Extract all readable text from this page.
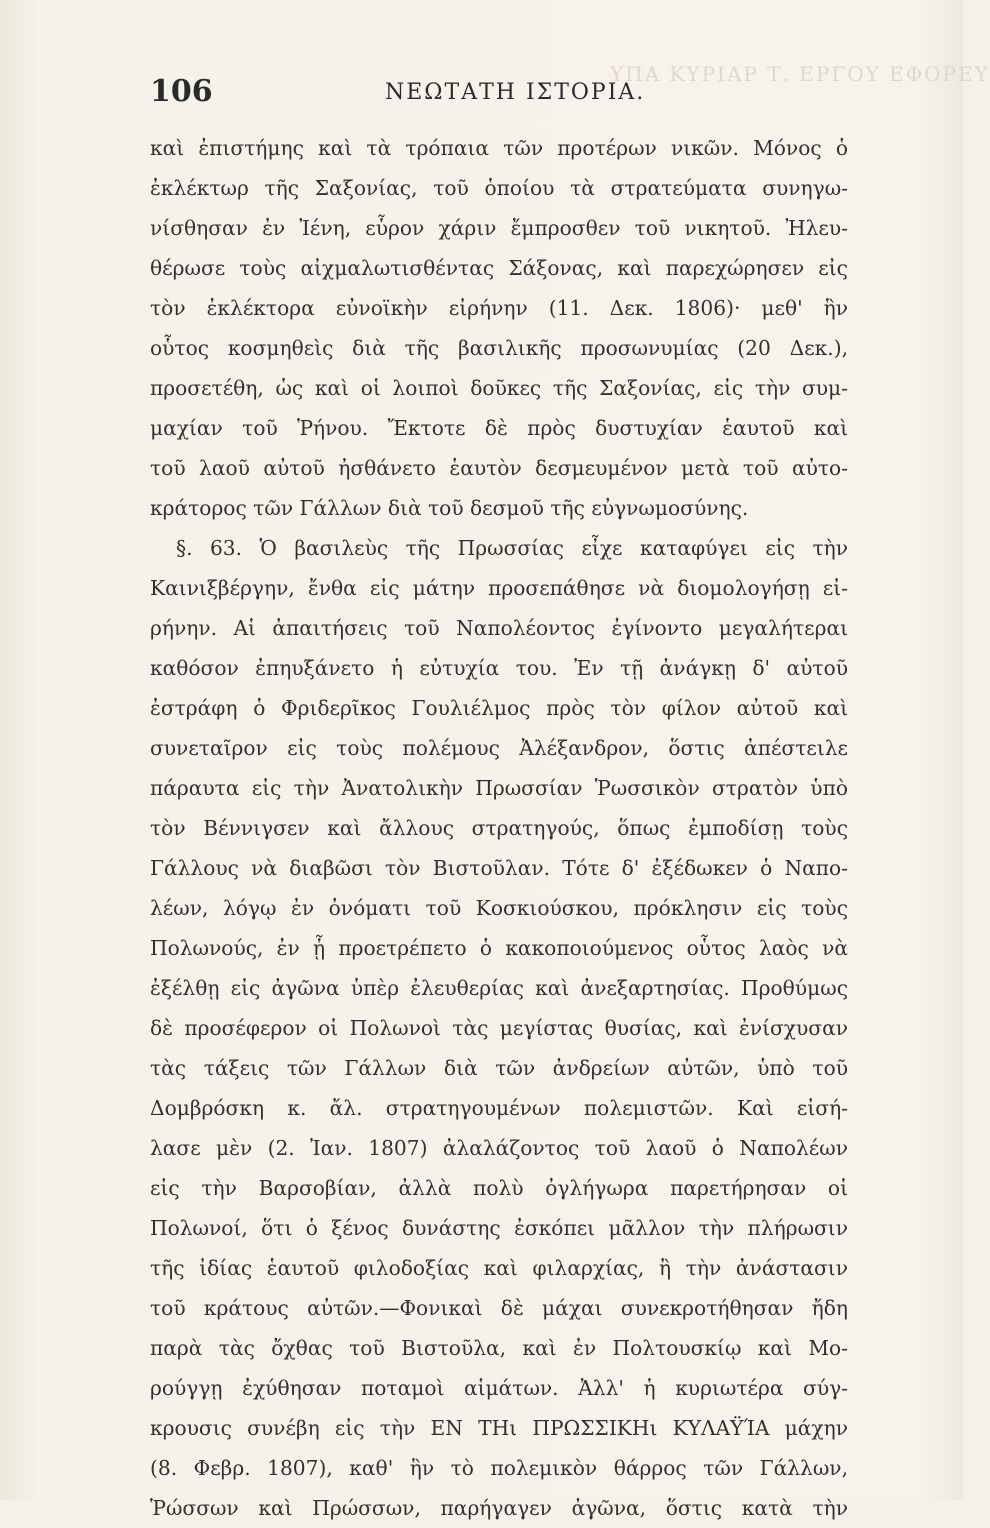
ΥΠΑ ΚΥΡΙΑΡ Τ. ΕΡΓΟΥ ΕΦΟΡΕΥ
106	ΝΕΩΤΑΤΗ ΙΣΤΟΡΙΑ.
καὶ ἐπιστήμης καὶ τὰ τρόπαια τῶν προτέρων νικῶν. Μόνος ὁ
ἐκλέκτωρ τῆς Σαξονίας, τοῦ ὁποίου τὰ στρατεύματα συνηγω-
νίσθησαν ἐν Ἰένη, εὗρον χάριν ἔμπροσθεν τοῦ νικητοῦ. Ἠλευ-
θέρωσε τοὺς αἰχμαλωτισθέντας Σάξονας, καὶ παρεχώρησεν εἰς
τὸν ἐκλέκτορα εὐνοϊκὴν εἰρήνην (11. Δεκ. 1806)· μεθ' ἣν
οὗτος κοσμηθεὶς διὰ τῆς βασιλικῆς προσωνυμίας (20 Δεκ.),
προσετέθη, ὡς καὶ οἱ λοιποὶ δοῦκες τῆς Σαξονίας, εἰς τὴν συμ-
μαχίαν τοῦ Ῥήνου. Ἔκτοτε δὲ πρὸς δυστυχίαν ἑαυτοῦ καὶ
τοῦ λαοῦ αὐτοῦ ἠσθάνετο ἑαυτὸν δεσμευμένον μετὰ τοῦ αὐτο-
κράτορος τῶν Γάλλων διὰ τοῦ δεσμοῦ τῆς εὐγνωμοσύνης.
§. 63. Ὁ βασιλεὺς τῆς Πρωσσίας εἶχε καταφύγει εἰς τὴν
Καινιξβέργην, ἔνθα εἰς μάτην προσεπάθησε νὰ διομολογήσῃ εἰ-
ρήνην. Αἱ ἀπαιτήσεις τοῦ Ναπολέοντος ἐγίνοντο μεγαλήτεραι
καθόσον ἐπηυξάνετο ἡ εὐτυχία του. Ἐν τῇ ἀνάγκῃ δ' αὐτοῦ
ἐστράφη ὁ Φριδερῖκος Γουλιέλμος πρὸς τὸν φίλον αὐτοῦ καὶ
συνεταῖρον εἰς τοὺς πολέμους Ἀλέξανδρον, ὅστις ἀπέστειλε
πάραυτα εἰς τὴν Ἀνατολικὴν Πρωσσίαν Ῥωσσικὸν στρατὸν ὑπὸ
τὸν Βέννιγσεν καὶ ἄλλους στρατηγούς, ὅπως ἐμποδίσῃ τοὺς
Γάλλους νὰ διαβῶσι τὸν Βιστοῦλαν. Τότε δ' ἐξέδωκεν ὁ Ναπο-
λέων, λόγῳ ἐν ὀνόματι τοῦ Κοσκιούσκου, πρόκλησιν εἰς τοὺς
Πολωνούς, ἐν ᾗ προετρέπετο ὁ κακοποιούμενος οὗτος λαὸς νὰ
ἐξέλθῃ εἰς ἀγῶνα ὑπὲρ ἐλευθερίας καὶ ἀνεξαρτησίας. Προθύμως
δὲ προσέφερον οἱ Πολωνοὶ τὰς μεγίστας θυσίας, καὶ ἐνίσχυσαν
τὰς τάξεις τῶν Γάλλων διὰ τῶν ἀνδρείων αὐτῶν, ὑπὸ τοῦ
Δομβρόσκη κ. ἄλ. στρατηγουμένων πολεμιστῶν. Καὶ εἰσή-
λασε μὲν (2. Ἰαν. 1807) ἀλαλάζοντος τοῦ λαοῦ ὁ Ναπολέων
εἰς τὴν Βαρσοβίαν, ἀλλὰ πολὺ ὀγλήγωρα παρετήρησαν οἱ
Πολωνοί, ὅτι ὁ ξένος δυνάστης ἐσκόπει μᾶλλον τὴν πλήρωσιν
τῆς ἰδίας ἑαυτοῦ φιλοδοξίας καὶ φιλαρχίας, ἢ τὴν ἀνάστασιν
τοῦ κράτους αὐτῶν.—Φονικαὶ δὲ μάχαι συνεκροτήθησαν ἤδη
παρὰ τὰς ὄχθας τοῦ Βιστοῦλα, καὶ ἐν Πολτουσκίῳ καὶ Μο-
ρούγγῃ ἐχύθησαν ποταμοὶ αἱμάτων. Ἀλλ' ἡ κυριωτέρα σύγ-
κρουσις συνέβη εἰς τὴν ΕΝ ΤΗι ΠΡΩΣΣΙΚΗι ΚΥΛΑΫΊΑ μάχην
(8. Φεβρ. 1807), καθ' ἣν τὸ πολεμικὸν θάρρος τῶν Γάλλων,
Ῥώσσων καὶ Πρώσσων, παρήγαγεν ἀγῶνα, ὅστις κατὰ τὴν
